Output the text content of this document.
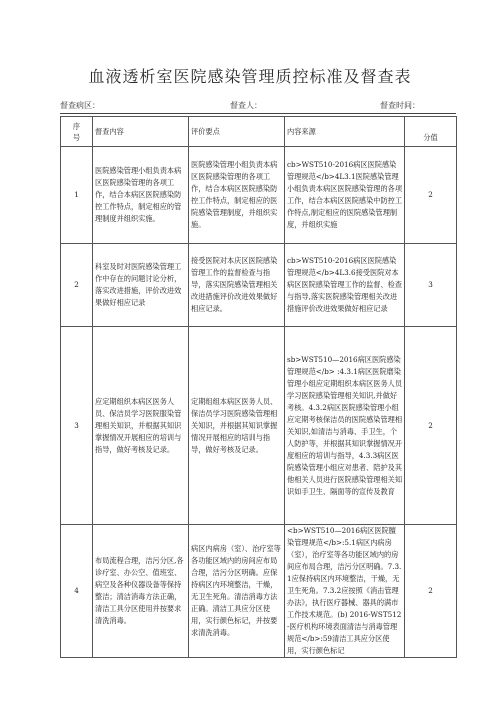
血液透析室医院感染管理质控标准及督查表
督查病区：	督查人：	督查时间：
序
号	督查内容	评价要点	内容来源	分值
1	医院感染管理小组负责本病区医院感染管理的各项工作，结合本病区医院感染防控工作特点，制定相应的管理制度并组织实施。	医院感染管理小组负责本病区医院感染管理的各项工作，结合本病区医院感染防控工作特点，制定相应的医院感染管理制度，并组织实施。	cb>WST510-2016病区医院感染管理规范</b>4L3.1医院感染管理小组负责本病区医院感染管理的各项工作，结合本病区医院感染中防控工作特点,制定相应的医院感染管理制度，并组织实施	2
2	科室及时对医院感染管理工作中存在的问题讨论分析，落实改进措施，评价改进效果做好相应记录	接受医院对本庆区医院感染管理工作的监督检查与指导，落实医院感染管理相关改进措施评价改进效果做好相应记录。	cb>WST510-2016病区医院感染管理规范</b>4L3.6接受医院对本病区医院感染管理工作的监督、检查与指导,落实医院感染管理相关改进措施评价改进效果做好相应记录	3
3	应定期组织本病区医务人员、保洁员学习医院服染管理相关知识，并根据其知识掌握情况开展相应的培训与指导，做好考核及记录。	定期组组本病区医务人员、保洁员学习医院感染管理相关知识，并根据其知识掌握情况开展相应的培训与指导，做好考核及记录。	sb>WST510—2016病区医院感染管理规范</b> :4.3.1病区医院磨染管理小组应定期组织本病区医务人员学习医院感染管理相关知识,并做好考核。4.3.2病区医院感染管理小组应定期考核保洁员的医院感染管理相关知识,如清洁与消毒、手卫生，个人防护等，并根据其知识掌握情况开度相应的培训与指导，4.3.3病区医院感染管理小组应对患者、陪护及其他相关人员进行医院感染管理相关知识如手卫生、隔面等的宣传及教育	2
4	布局流程合理，洁污分区,各诊疗室、办公空、值班室、病空及各种仪器设备等保持整洁；清洁消毒方法正确，清洁工具分区使用并按要求清洗消毒。	病区内病房（室）、治疗室等各功能区域内的房间应布局合理，洁污分区明确。应保持病区内环境整洁，干燥，无卫生死角。清洁消毒方法正确。清洁工具应分区使用，实行颜色标记，并按要求清洗消毒。	<b>WST510—2016病区医院膻染管理规范</b>:5.1病区内病房（室），治疗室等各功能区域内的房间应布局合理，洁污分区明确。7.3.1应保持病区内环境整洁，干燥，无卫生死角。7.3.2应按照《消击管理办法》，执行医疗器械、器具的满市工作技术规范。(b) 2016-WST512-医疗机构环境表面清洁与消毒管理规范</b>:59清洁工具应分区使用，实行颜色标记	2
